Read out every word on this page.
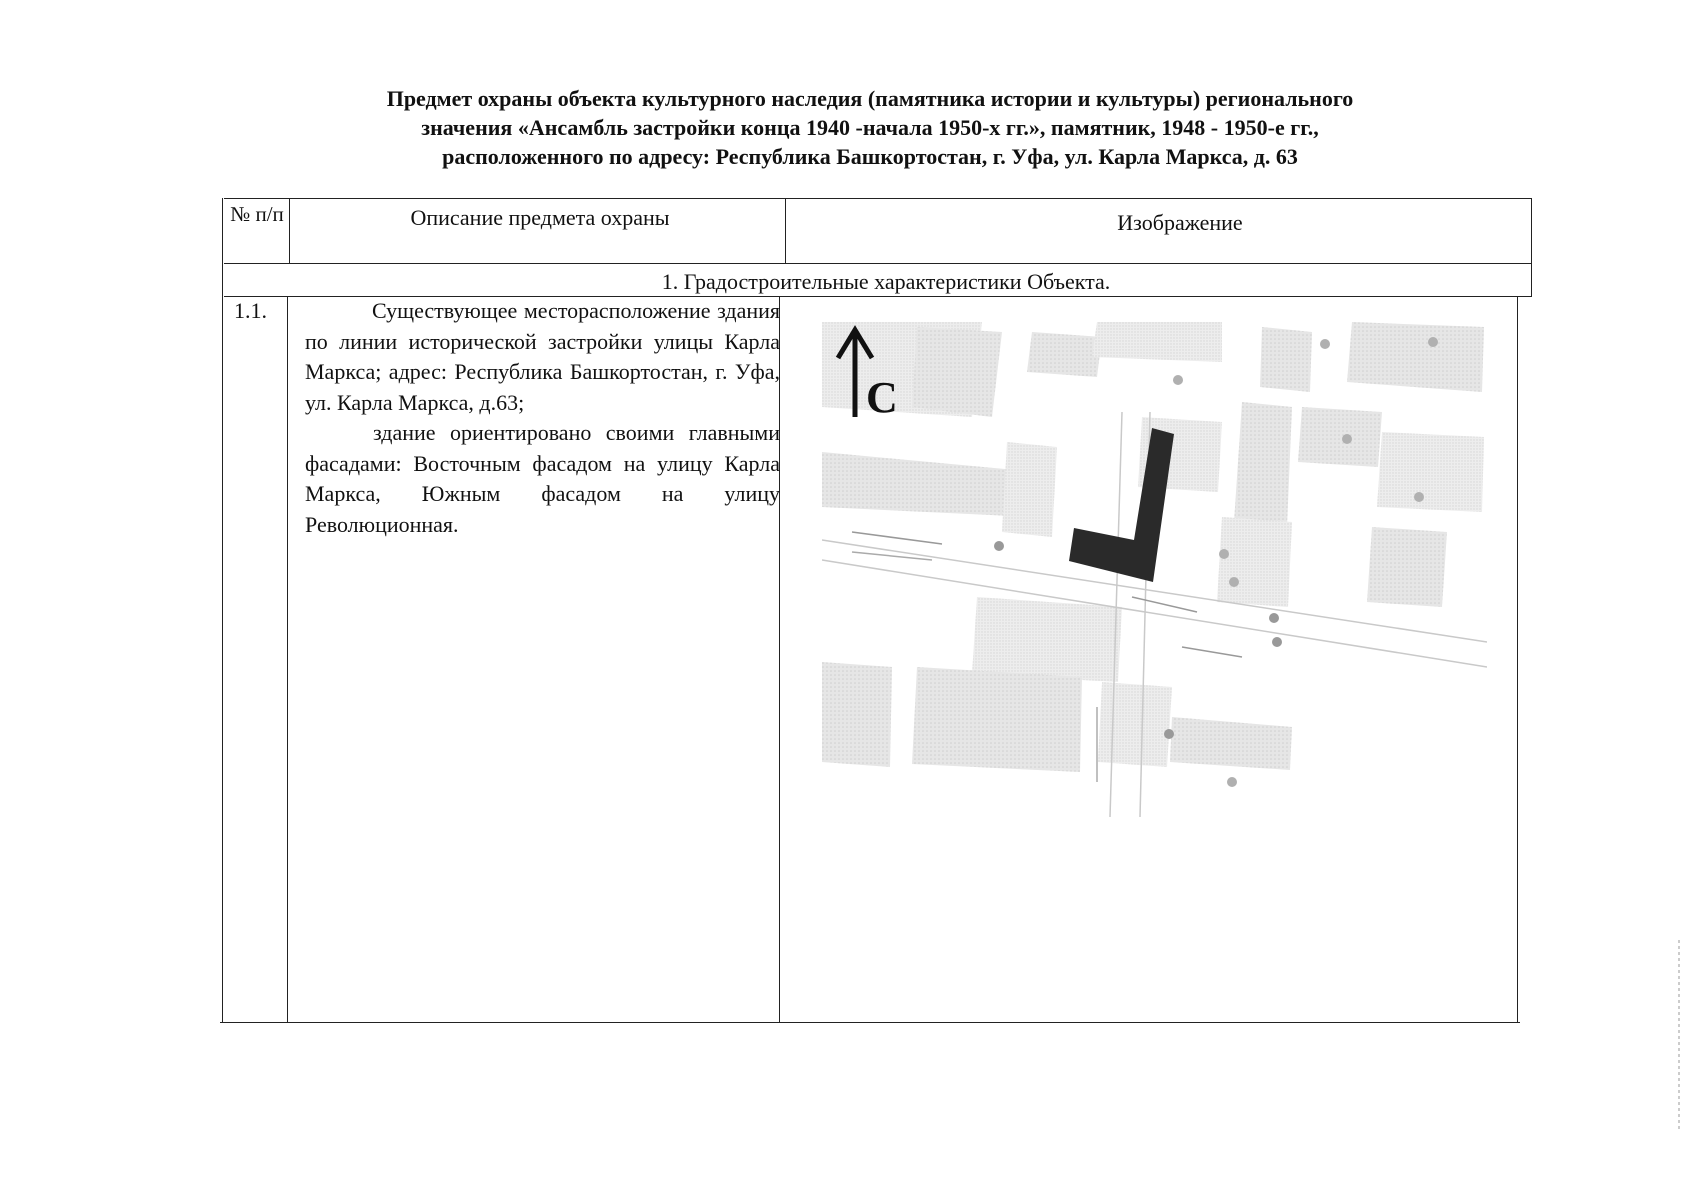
Предмет охраны объекта культурного наследия (памятника истории и культуры) регионального
значения «Ансамбль застройки конца 1940 -начала 1950-х гг.», памятник, 1948 - 1950-е гг.,
расположенного по адресу: Республика Башкортостан, г. Уфа, ул. Карла Маркса, д. 63
№ п/п	Описание предмета охраны	Изображение
1. Градостроительные характеристики Объекта.
1.1.	Существующее месторасположение здания по линии исторической застройки улицы Карла Маркса; адрес: Республика Башкортостан, г. Уфа, ул. Карла Маркса, д.63;

здание ориентировано своими главными фасадами: Восточным фасадом на улицу Карла Маркса, Южным фасадом на улицу Революционная.

С
